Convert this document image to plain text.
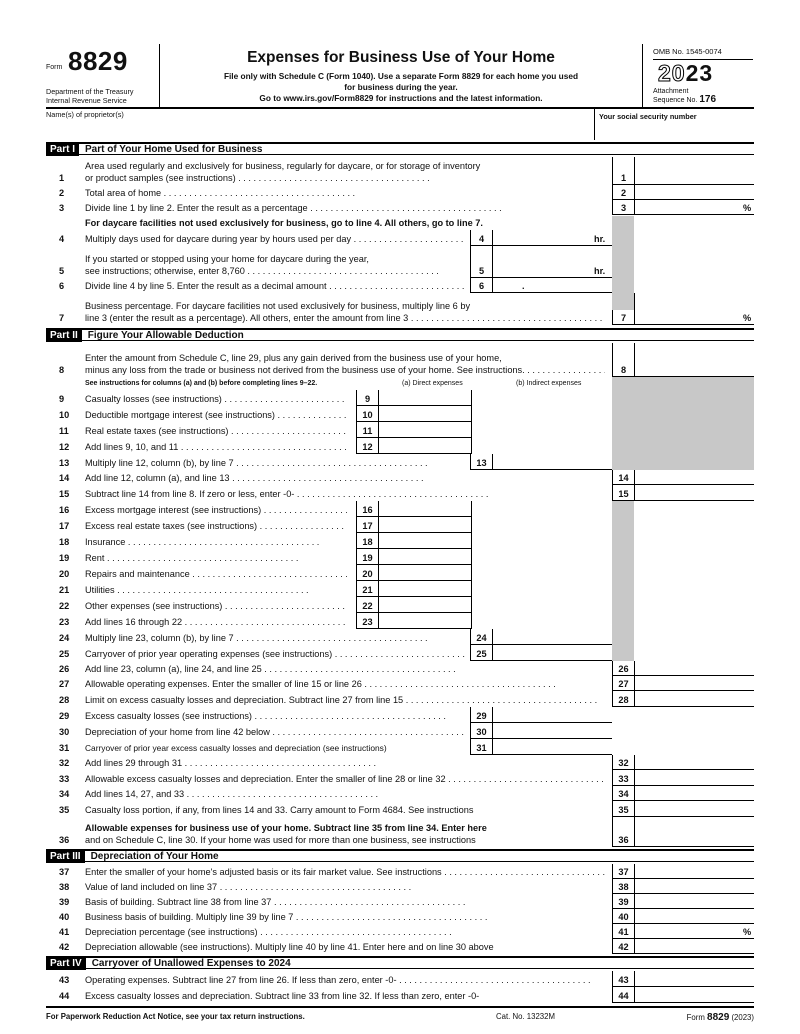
Form 8829
Department of the Treasury
Internal Revenue Service
Expenses for Business Use of Your Home
File only with Schedule C (Form 1040). Use a separate Form 8829 for each home you used
for business during the year.
Go to www.irs.gov/Form8829 for instructions and the latest information.
OMB No. 1545-0074
2023
Attachment
Sequence No. 176
Name(s) of proprietor(s)	Your social security number
Part I Part of Your Home Used for Business
1
Area used regularly and exclusively for business, regularly for daycare, or for storage of inventory
or product samples (see instructions) . .	1
2	Total area of home . .	2
3	Divide line 1 by line 2. Enter the result as a percentage . .	3	%
For daycare facilities not used exclusively for business, go to line 4. All others, go to line 7.
4	Multiply days used for daycare during year by hours used per day . .	4	hr.
5
If you started or stopped using your home for daycare during the year,
see instructions; otherwise, enter 8,760 . .	5	hr.
6	Divide line 4 by line 5. Enter the result as a decimal amount . .	6	.
7
Business percentage. For daycare facilities not used exclusively for business, multiply line 6 by
line 3 (enter the result as a percentage). All others, enter the amount from line 3 . .	7	%
Part II Figure Your Allowable Deduction
8
Enter the amount from Schedule C, line 29, plus any gain derived from the business use of your home,
minus any loss from the trade or business not derived from the business use of your home. See instructions. . .	8
See instructions for columns (a) and (b) before completing lines 9–22.	(a) Direct expenses	(b) Indirect expenses
9	Casualty losses (see instructions) . .	9
10	Deductible mortgage interest (see instructions) . .	10
11	Real estate taxes (see instructions) . .	11
12	Add lines 9, 10, and 11 . .	12
13	Multiply line 12, column (b), by line 7 . .	13
14	Add line 12, column (a), and line 13 . .	14
15	Subtract line 14 from line 8. If zero or less, enter -0- . .	15
16	Excess mortgage interest (see instructions) . .	16
17	Excess real estate taxes (see instructions) . .	17
18	Insurance . .	18
19	Rent . .	19
20	Repairs and maintenance . .	20
21	Utilities . .	21
22	Other expenses (see instructions) . .	22
23	Add lines 16 through 22 . .	23
24	Multiply line 23, column (b), by line 7 . .	24
25	Carryover of prior year operating expenses (see instructions) . .	25
26	Add line 23, column (a), line 24, and line 25 . .	26
27	Allowable operating expenses. Enter the smaller of line 15 or line 26 . .	27
28	Limit on excess casualty losses and depreciation. Subtract line 27 from line 15 . .	28
29	Excess casualty losses (see instructions) . .	29
30	Depreciation of your home from line 42 below . .	30
31	Carryover of prior year excess casualty losses and depreciation (see instructions)	31
32	Add lines 29 through 31 . .	32
33	Allowable excess casualty losses and depreciation. Enter the smaller of line 28 or line 32 . .	33
34	Add lines 14, 27, and 33 . .	34
35	Casualty loss portion, if any, from lines 14 and 33. Carry amount to Form 4684. See instructions	35
36
Allowable expenses for business use of your home. Subtract line 35 from line 34. Enter here
and on Schedule C, line 30. If your home was used for more than one business, see instructions	36
Part III Depreciation of Your Home
37	Enter the smaller of your home's adjusted basis or its fair market value. See instructions . .	37
38	Value of land included on line 37 . .	38
39	Basis of building. Subtract line 38 from line 37 . .	39
40	Business basis of building. Multiply line 39 by line 7 . .	40
41	Depreciation percentage (see instructions) . .	41	%
42	Depreciation allowable (see instructions). Multiply line 40 by line 41. Enter here and on line 30 above	42
Part IV Carryover of Unallowed Expenses to 2024
43	Operating expenses. Subtract line 27 from line 26. If less than zero, enter -0- . .	43
44	Excess casualty losses and depreciation. Subtract line 33 from line 32. If less than zero, enter -0-	44
For Paperwork Reduction Act Notice, see your tax return instructions.	Cat. No. 13232M	Form 8829 (2023)
